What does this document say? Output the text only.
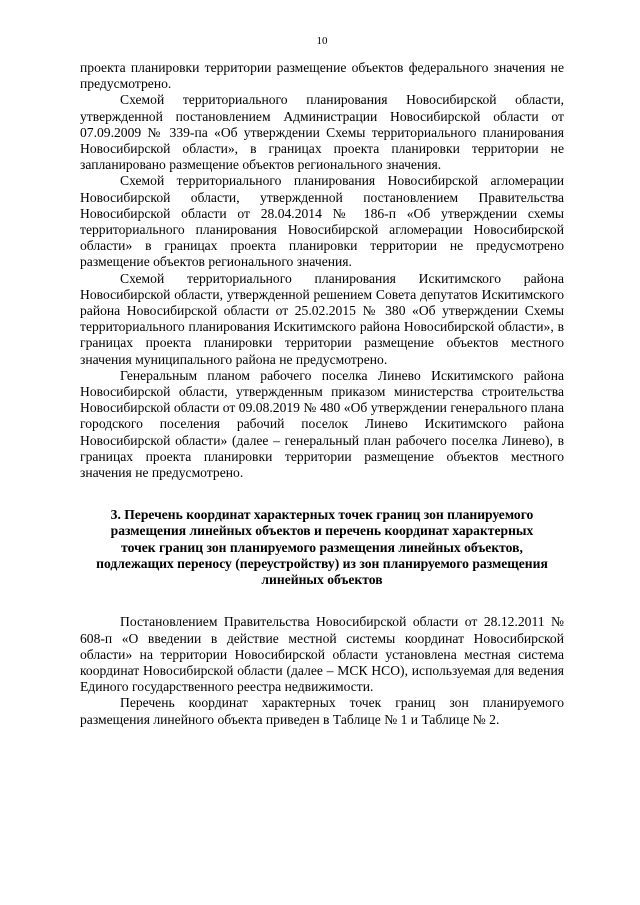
10

проекта планировки территории размещение объектов федерального значения не предусмотрено.

Схемой территориального планирования Новосибирской области, утвержденной постановлением Администрации Новосибирской области от 07.09.2009 № 339-па «Об утверждении Схемы территориального планирования Новосибирской области», в границах проекта планировки территории не запланировано размещение объектов регионального значения.

Схемой территориального планирования Новосибирской агломерации Новосибирской области, утвержденной постановлением Правительства Новосибирской области от 28.04.2014 № 186-п «Об утверждении схемы территориального планирования Новосибирской агломерации Новосибирской области» в границах проекта планировки территории не предусмотрено размещение объектов регионального значения.

Схемой территориального планирования Искитимского района Новосибирской области, утвержденной решением Совета депутатов Искитимского района Новосибирской области от 25.02.2015 № 380 «Об утверждении Схемы территориального планирования Искитимского района Новосибирской области», в границах проекта планировки территории размещение объектов местного значения муниципального района не предусмотрено.

Генеральным планом рабочего поселка Линево Искитимского района Новосибирской области, утвержденным приказом министерства строительства Новосибирской области от 09.08.2019 № 480 «Об утверждении генерального плана городского поселения рабочий поселок Линево Искитимского района Новосибирской области» (далее – генеральный план рабочего поселка Линево), в границах проекта планировки территории размещение объектов местного значения не предусмотрено.

3. Перечень координат характерных точек границ зон планируемого размещения линейных объектов и перечень координат характерных точек границ зон планируемого размещения линейных объектов, подлежащих переносу (переустройству) из зон планируемого размещения линейных объектов

Постановлением Правительства Новосибирской области от 28.12.2011 № 608-п «О введении в действие местной системы координат Новосибирской области» на территории Новосибирской области установлена местная система координат Новосибирской области (далее – МСК НСО), используемая для ведения Единого государственного реестра недвижимости.

Перечень координат характерных точек границ зон планируемого размещения линейного объекта приведен в Таблице № 1 и Таблице № 2.
